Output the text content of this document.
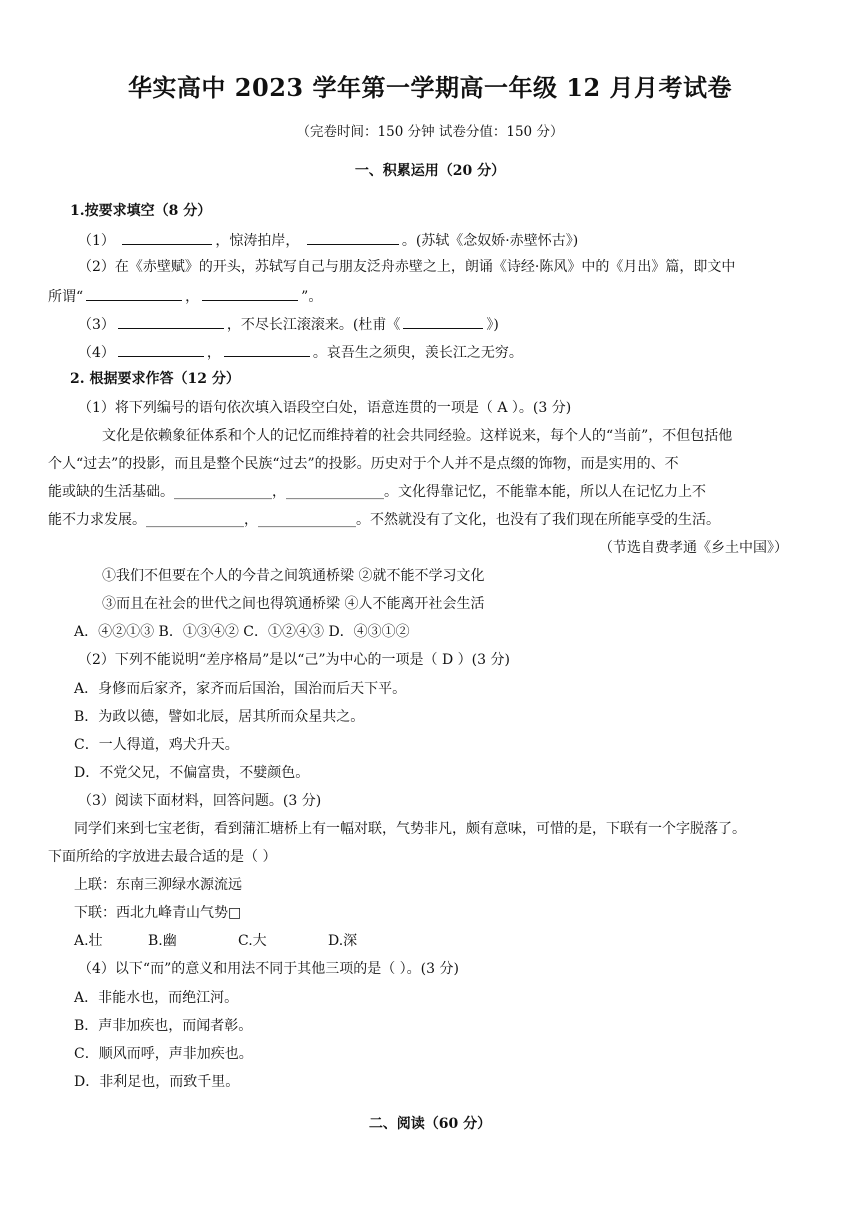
华实高中 2023 学年第一学期高一年级 12 月月考试卷
（完卷时间：150 分钟 试卷分值：150 分）
一、积累运用（20 分）
1.按要求填空（8 分）
（1）	，惊涛拍岸，	。(苏轼《念奴娇·赤壁怀古》)
（2）在《赤壁赋》的开头，苏轼写自己与朋友泛舟赤壁之上，朗诵《诗经·陈风》中的《月出》篇，即文中
所谓“	，	”。
（3）	，不尽长江滚滚来。(杜甫《	》)
（4）	，	。哀吾生之须臾，羡长江之无穷。
2. 根据要求作答（12 分）
（1）将下列编号的语句依次填入语段空白处，语意连贯的一项是（ A ）。(3 分)
文化是依赖象征体系和个人的记忆而维持着的社会共同经验。这样说来，每个人的“当前”，不但包括他
个人“过去”的投影，而且是整个民族“过去”的投影。历史对于个人并不是点缀的饰物，而是实用的、不
能或缺的生活基础。______________，______________。文化得靠记忆，不能靠本能，所以人在记忆力上不
能不力求发展。______________，______________。不然就没有了文化，也没有了我们现在所能享受的生活。
（节选自费孝通《乡土中国》）
①我们不但要在个人的今昔之间筑通桥梁 ②就不能不学习文化
③而且在社会的世代之间也得筑通桥梁 ④人不能离开社会生活
A．④②①③ B．①③④② C．①②④③ D．④③①②
（2）下列不能说明“差序格局”是以“己”为中心的一项是（ D ）(3 分)
A．身修而后家齐，家齐而后国治，国治而后天下平。
B．为政以德，譬如北辰，居其所而众星共之。
C．一人得道，鸡犬升天。
D．不党父兄，不偏富贵，不嬖颜色。
（3）阅读下面材料，回答问题。(3 分)
同学们来到七宝老街，看到蒲汇塘桥上有一幅对联，气势非凡，颇有意味，可惜的是，下联有一个字脱落了。
下面所给的字放进去最合适的是（ ）
上联：东南三泖绿水源流远
下联：西北九峰青山气势□
A.壮	B.幽	C.大	D.深
（4）以下“而”的意义和用法不同于其他三项的是（ ）。(3 分)
A．非能水也，而绝江河。
B．声非加疾也，而闻者彰。
C．顺风而呼，声非加疾也。
D．非利足也，而致千里。
二、阅读（60 分）
